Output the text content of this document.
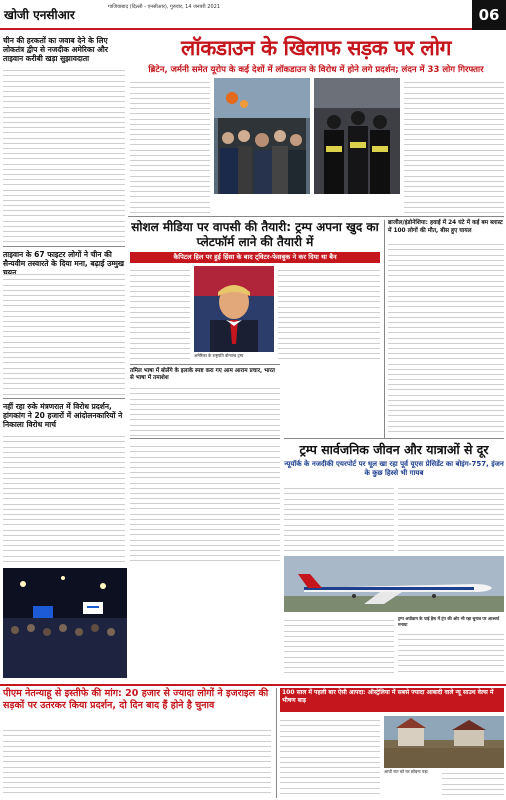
खोजी एनसीआर
गाजियाबाद (दिल्ली - एनसीआर), गुरुवार, 14 जनवरी 2021	06
चीन की हरकतों का जवाब देने के लिए लोकतंत्र द्वीप से नजदीक अमेरिका और ताइवान करीबी खड़ा सुझावदाता
ताइवान के 67 फाइटर लोगों ने चीन की सैन्यवीम तस्वारते के दिया मना, बढ़ाई उम्मुख चयन
नहीं रहा रुके मंत्रणरात में विरोध प्रदर्शन, हांगकांग ने 20 हजारों में आंदोलनकारियों ने निकाला विरोध मार्च
लॉकडाउन के खिलाफ सड़क पर लोग
ब्रिटेन, जर्मनी समेत यूरोप के कई देशों में लॉकडाउन के विरोध में होने लगे प्रदर्शन; लंदन में 33 लोग गिरफ्तार
सोशल मीडिया पर वापसी की तैयारी: ट्रम्प अपना खुद का प्लेटफॉर्म लाने की तैयारी में
कैपिटल हिल पर हुई हिंसा के बाद ट्विटर-फेसबुक ने कर दिया था बैन
अमेरिका के राष्ट्रपति डोनाल्ड ट्रम्प
तमिल भाषा में बोलेंगे के इलाके स्पष्ट करा गए आम आराम प्रचार, भारत से भाषा में तमाशेश
ब्राजील/इंडोनेशिया: हवाई में 24 घंटे में कई बम ब्लास्ट में 100 लोगों की मौत, बीस हुए घायल
ट्रम्प सार्वजनिक जीवन और यात्राओं से दूर
न्यूयॉर्क के नजदीकी एयरपोर्ट पर धूल खा रहा पूर्व यूएस प्रेसिडेंट का बोइंग-757, इंजन के कुछ हिस्से भी गायब
ट्रम्प अयोडाम के पाई हैस में ट्रंप की ओर भी रहा चुनाव पर आश्चर्य मनाया
पीएम नेतन्याहू से इस्तीफे की मांग: 20 हजार से ज्यादा लोगों ने इजराइल की सड़कों पर उतरकर किया प्रदर्शन, दो दिन बाद हैं होने है चुनाव
100 साल में पहली बार ऐसी आपदा: ऑस्ट्रेलिया में सबसे ज्यादा आबादी वाले न्यू साउथ वेल्स में भीषण बाढ़
आधी रात को घर छोड़ना पड़ा
